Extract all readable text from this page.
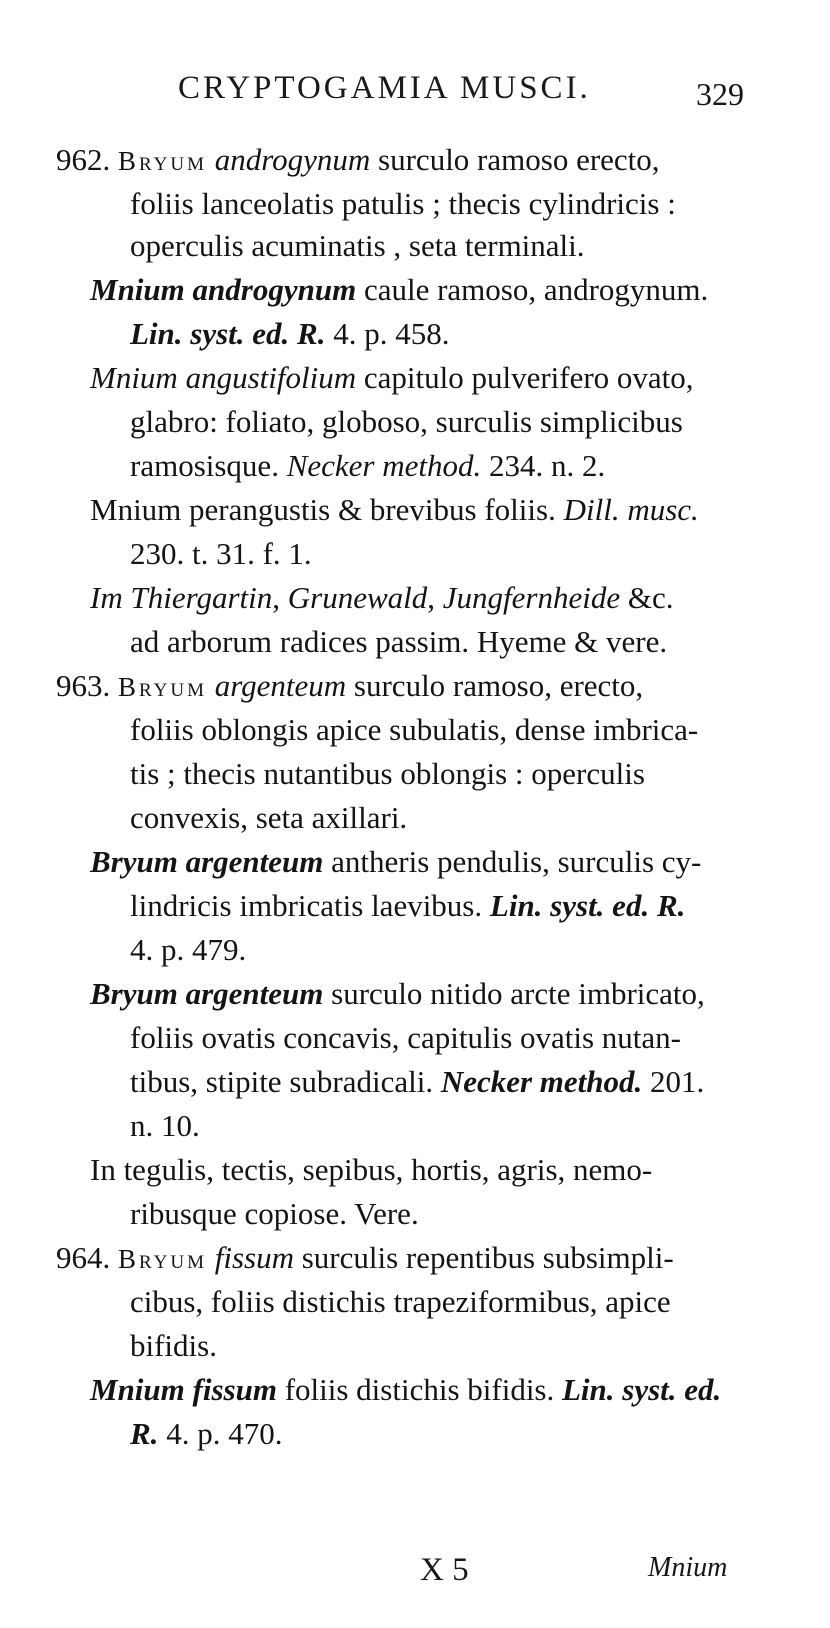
CRYPTOGAMIA MUSCI.	329
962. Bryum androgynum surculo ramoso erecto,
foliis lanceolatis patulis ; thecis cylindricis :
operculis acuminatis , seta terminali.
Mnium androgynum caule ramoso, androgynum.
Lin. syst. ed. R. 4. p. 458.
Mnium angustifolium capitulo pulverifero ovato,
glabro: foliato, globoso, surculis simplicibus
ramosisque. Necker method. 234. n. 2.
Mnium perangustis & brevibus foliis. Dill. musc.
230. t. 31. f. 1.
Im Thiergartin, Grunewald, Jungfernheide &c.
ad arborum radices passim. Hyeme & vere.
963. Bryum argenteum surculo ramoso, erecto,
foliis oblongis apice subulatis, dense imbrica-
tis ; thecis nutantibus oblongis : operculis
convexis, seta axillari.
Bryum argenteum antheris pendulis, surculis cy-
lindricis imbricatis laevibus. Lin. syst. ed. R.
4. p. 479.
Bryum argenteum surculo nitido arcte imbricato,
foliis ovatis concavis, capitulis ovatis nutan-
tibus, stipite subradicali. Necker method. 201.
n. 10.
In tegulis, tectis, sepibus, hortis, agris, nemo-
ribusque copiose. Vere.
964. Bryum fissum surculis repentibus subsimpli-
cibus, foliis distichis trapeziformibus, apice
bifidis.
Mnium fissum foliis distichis bifidis. Lin. syst. ed.
R. 4. p. 470.
X 5	Mnium
